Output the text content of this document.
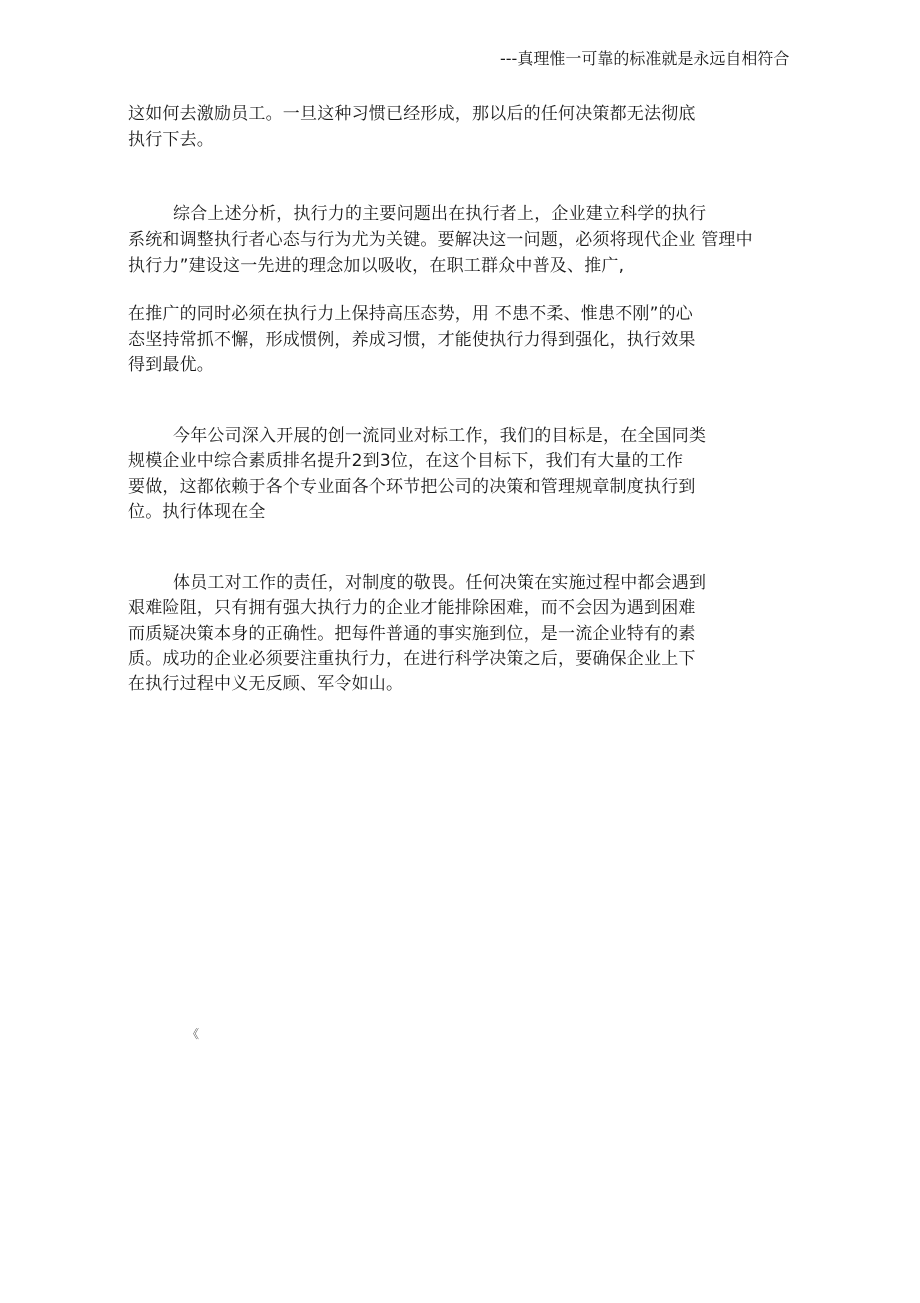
---真理惟一可靠的标准就是永远自相符合
这如何去激励员工。一旦这种习惯已经形成，那以后的任何决策都无法彻底
执行下去。
综合上述分析，执行力的主要问题出在执行者上，企业建立科学的执行
系统和调整执行者心态与行为尤为关键。要解决这一问题，必须将现代企业 管理中
执行力”建设这一先进的理念加以吸收，在职工群众中普及、推广,
在推广的同时必须在执行力上保持高压态势，用 不患不柔、惟患不刚”的心
态坚持常抓不懈，形成惯例，养成习惯，才能使执行力得到强化，执行效果
得到最优。
今年公司深入开展的创一流同业对标工作，我们的目标是，在全国同类
规模企业中综合素质排名提升2到3位，在这个目标下，我们有大量的工作
要做，这都依赖于各个专业面各个环节把公司的决策和管理规章制度执行到
位。执行体现在全
体员工对工作的责任，对制度的敬畏。任何决策在实施过程中都会遇到
艰难险阻，只有拥有强大执行力的企业才能排除困难，而不会因为遇到困难
而质疑决策本身的正确性。把每件普通的事实施到位，是一流企业特有的素
质。成功的企业必须要注重执行力，在进行科学决策之后，要确保企业上下
在执行过程中义无反顾、军令如山。
《
